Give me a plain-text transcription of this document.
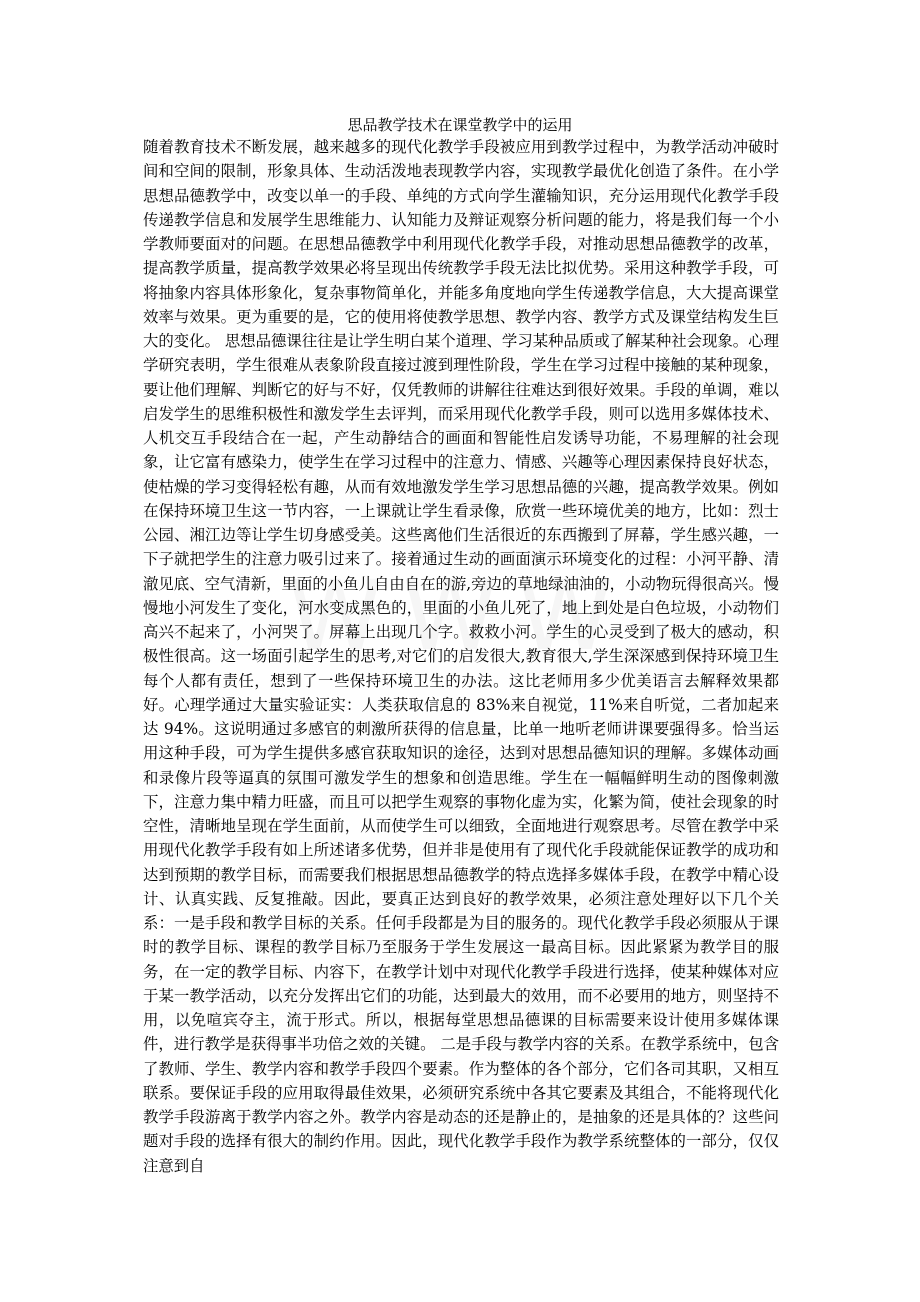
思品教学技术在课堂教学中的运用

随着教育技术不断发展，越来越多的现代化教学手段被应用到教学过程中，为教学活动冲破时间和空间的限制，形象具体、生动活泼地表现教学内容，实现教学最优化创造了条件。在小学思想品德教学中，改变以单一的手段、单纯的方式向学生灌输知识，充分运用现代化教学手段传递教学信息和发展学生思维能力、认知能力及辩证观察分析问题的能力，将是我们每一个小学教师要面对的问题。在思想品德教学中利用现代化教学手段，对推动思想品德教学的改革，提高教学质量，提高教学效果必将呈现出传统教学手段无法比拟优势。采用这种教学手段，可将抽象内容具体形象化，复杂事物简单化，并能多角度地向学生传递教学信息，大大提高课堂效率与效果。更为重要的是，它的使用将使教学思想、教学内容、教学方式及课堂结构发生巨大的变化。 思想品德课往往是让学生明白某个道理、学习某种品质或了解某种社会现象。心理学研究表明，学生很难从表象阶段直接过渡到理性阶段，学生在学习过程中接触的某种现象，要让他们理解、判断它的好与不好，仅凭教师的讲解往往难达到很好效果。手段的单调，难以启发学生的思维积极性和激发学生去评判，而采用现代化教学手段，则可以选用多媒体技术、人机交互手段结合在一起，产生动静结合的画面和智能性启发诱导功能，不易理解的社会现象，让它富有感染力，使学生在学习过程中的注意力、情感、兴趣等心理因素保持良好状态，使枯燥的学习变得轻松有趣，从而有效地激发学生学习思想品德的兴趣，提高教学效果。例如在保持环境卫生这一节内容，一上课就让学生看录像，欣赏一些环境优美的地方，比如：烈士公园、湘江边等让学生切身感受美。这些离他们生活很近的东西搬到了屏幕，学生感兴趣，一下子就把学生的注意力吸引过来了。接着通过生动的画面演示环境变化的过程：小河平静、清澈见底、空气清新，里面的小鱼儿自由自在的游,旁边的草地绿油油的，小动物玩得很高兴。慢慢地小河发生了变化，河水变成黑色的，里面的小鱼儿死了，地上到处是白色垃圾，小动物们高兴不起来了，小河哭了。屏幕上出现几个字。救救小河。学生的心灵受到了极大的感动，积极性很高。这一场面引起学生的思考,对它们的启发很大,教育很大,学生深深感到保持环境卫生每个人都有责任，想到了一些保持环境卫生的办法。这比老师用多少优美语言去解释效果都好。心理学通过大量实验证实：人类获取信息的 83%来自视觉，11%来自听觉，二者加起来达 94%。这说明通过多感官的刺激所获得的信息量，比单一地听老师讲课要强得多。恰当运用这种手段，可为学生提供多感官获取知识的途径，达到对思想品德知识的理解。多媒体动画和录像片段等逼真的氛围可激发学生的想象和创造思维。学生在一幅幅鲜明生动的图像刺激下，注意力集中精力旺盛，而且可以把学生观察的事物化虚为实，化繁为简，使社会现象的时空性，清晰地呈现在学生面前，从而使学生可以细致，全面地进行观察思考。尽管在教学中采用现代化教学手段有如上所述诸多优势，但并非是使用有了现代化手段就能保证教学的成功和达到预期的教学目标，而需要我们根据思想品德教学的特点选择多媒体手段，在教学中精心设计、认真实践、反复推敲。因此，要真正达到良好的教学效果，必须注意处理好以下几个关系：一是手段和教学目标的关系。任何手段都是为目的服务的。现代化教学手段必须服从于课时的教学目标、课程的教学目标乃至服务于学生发展这一最高目标。因此紧紧为教学目的服务，在一定的教学目标、内容下，在教学计划中对现代化教学手段进行选择，使某种媒体对应于某一教学活动，以充分发挥出它们的功能，达到最大的效用，而不必要用的地方，则坚持不用，以免喧宾夺主，流于形式。所以，根据每堂思想品德课的目标需要来设计使用多媒体课件，进行教学是获得事半功倍之效的关键。 二是手段与教学内容的关系。在教学系统中，包含了教师、学生、教学内容和教学手段四个要素。作为整体的各个部分，它们各司其职，又相互联系。要保证手段的应用取得最佳效果，必须研究系统中各其它要素及其组合，不能将现代化教学手段游离于教学内容之外。教学内容是动态的还是静止的，是抽象的还是具体的？这些问题对手段的选择有很大的制约作用。因此，现代化教学手段作为教学系统整体的一部分，仅仅注意到自
